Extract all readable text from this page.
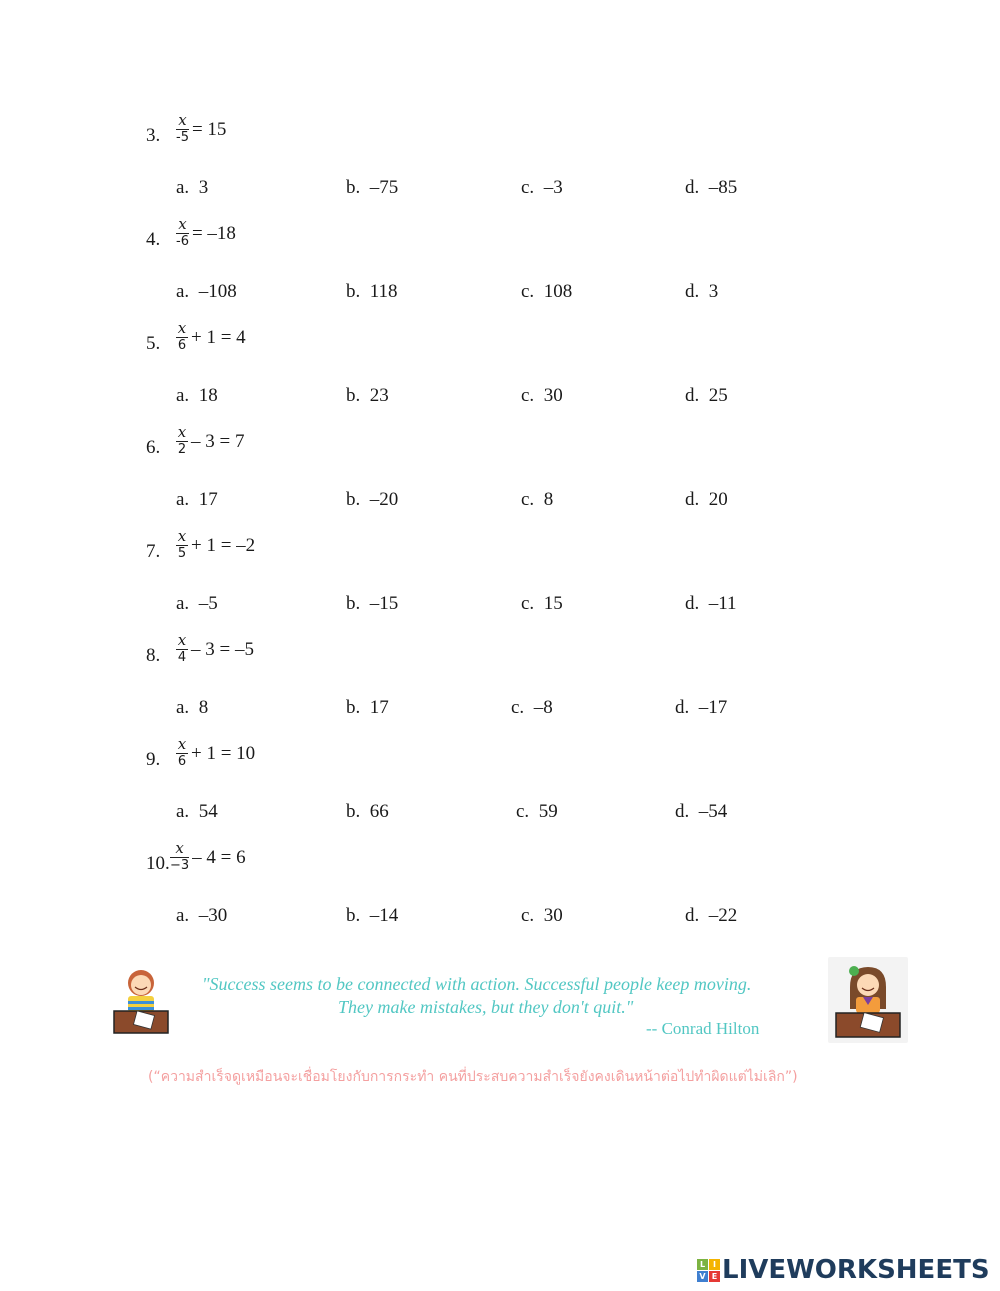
3. $\frac{x}{-5} = 15$
a. 3	b. –75	c. –3	d. –85
4. $\frac{x}{-6} = -18$
a. –108	b. 118	c. 108	d. 3
5. $\frac{x}{6} + 1 = 4$
a. 18	b. 23	c. 30	d. 25
6. $\frac{x}{2} - 3 = 7$
a. 17	b. –20	c. 8	d. 20
7. $\frac{x}{5} + 1 = -2$
a. –5	b. –15	c. 15	d. –11
8. $\frac{x}{4} - 3 = -5$
a. 8	b. 17	c. –8	d. –17
9. $\frac{x}{6} + 1 = 10$
a. 54	b. 66	c. 59	d. –54
10. $\frac{x}{-3} - 4 = 6$
a. –30	b. –14	c. 30	d. –22
"Success seems to be connected with action. Successful people keep moving.
They make mistakes, but they don't quit."
-- Conrad Hilton
(“ความสำเร็จดูเหมือนจะเชื่อมโยงกับการกระทำ คนที่ประสบความสำเร็จยังคงเดินหน้าต่อไปทำผิดแต่ไม่เลิก”)
L I
V E LIVEWORKSHEETS
